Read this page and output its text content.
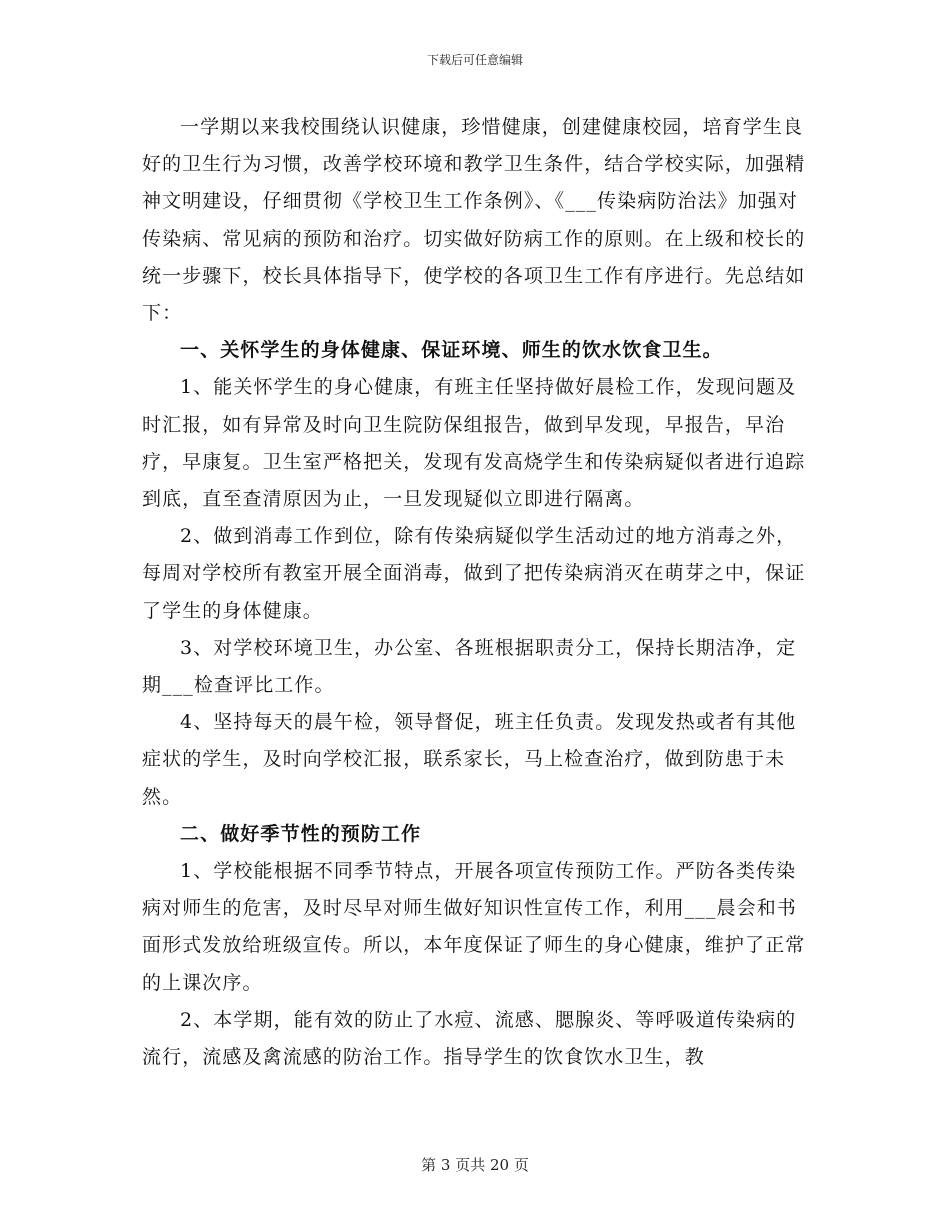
下载后可任意编辑

一学期以来我校围绕认识健康，珍惜健康，创建健康校园，培育学生良好的卫生行为习惯，改善学校环境和教学卫生条件，结合学校实际，加强精神文明建设，仔细贯彻《学校卫生工作条例》、《___传染病防治法》加强对传染病、常见病的预防和治疗。切实做好防病工作的原则。在上级和校长的统一步骤下，校长具体指导下，使学校的各项卫生工作有序进行。先总结如下：

一、关怀学生的身体健康、保证环境、师生的饮水饮食卫生。

1、能关怀学生的身心健康，有班主任坚持做好晨检工作，发现问题及时汇报，如有异常及时向卫生院防保组报告，做到早发现，早报告，早治疗，早康复。卫生室严格把关，发现有发高烧学生和传染病疑似者进行追踪到底，直至查清原因为止，一旦发现疑似立即进行隔离。

2、做到消毒工作到位，除有传染病疑似学生活动过的地方消毒之外，每周对学校所有教室开展全面消毒，做到了把传染病消灭在萌芽之中，保证了学生的身体健康。

3、对学校环境卫生，办公室、各班根据职责分工，保持长期洁净，定期___检查评比工作。

4、坚持每天的晨午检，领导督促，班主任负责。发现发热或者有其他症状的学生，及时向学校汇报，联系家长，马上检查治疗，做到防患于未然。

二、做好季节性的预防工作

1、学校能根据不同季节特点，开展各项宣传预防工作。严防各类传染病对师生的危害，及时尽早对师生做好知识性宣传工作，利用___晨会和书面形式发放给班级宣传。所以，本年度保证了师生的身心健康，维护了正常的上课次序。

2、本学期，能有效的防止了水痘、流感、腮腺炎、等呼吸道传染病的流行，流感及禽流感的防治工作。指导学生的饮食饮水卫生，教

第 3 页共 20 页
